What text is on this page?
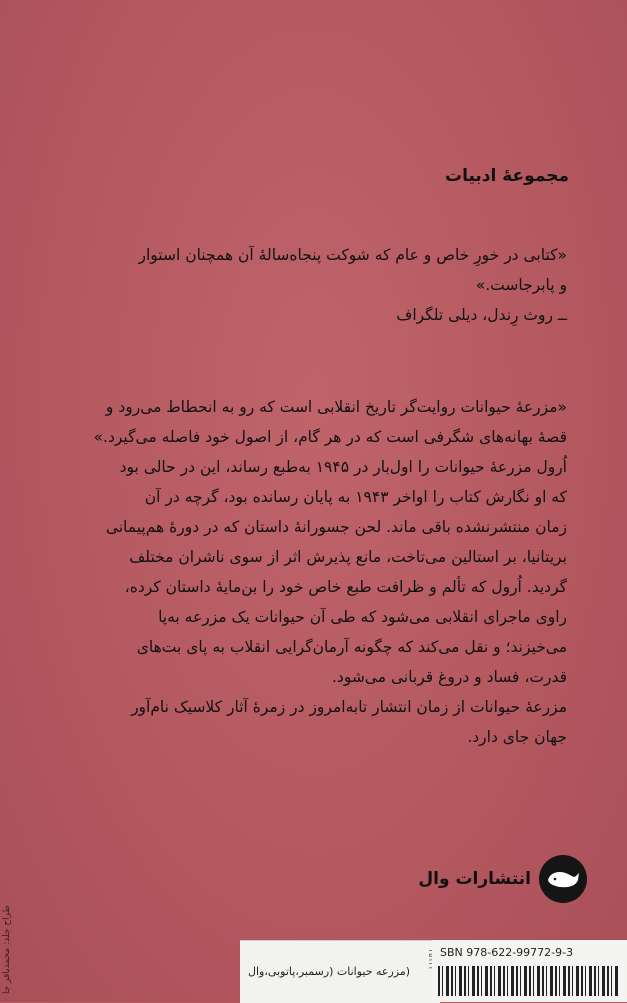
مجموعۀ ادبیات

«کتابی در خورِ خاص و عام که شوکت پنجاه‌سالۀ آن همچنان استوار

و پابرجاست.»

ــ روث رِندل، دیلی تلگراف

«مزرعۀ حیوانات روایت‌گر تاریخ انقلابی است که رو به انحطاط می‌رود و

قصۀ بهانه‌های شگرفی است که در هر گام، از اصول خود فاصله می‌گیرد.»

اُرول مزرعۀ حیوانات را اول‌بار در ۱۹۴۵ به‌طبع رساند، این در حالی بود

که او نگارش کتاب را اواخر ۱۹۴۳ به پایان رسانده بود، گرچه در آن

زمان منتشرنشده باقی ماند. لحن جسورانۀ داستان که در دورۀ هم‌پیمانی

بریتانیا، بر استالین می‌تاخت، مانع پذیرش اثر از سوی ناشران مختلف

گردید. اُرول که تألم و ظرافت طبع خاص خود را بن‌مایۀ داستان کرده،

راوی ماجرای انقلابی می‌شود که طی آن حیوانات یک مزرعه به‌پا

می‌خیزند؛ و نقل می‌کند که چگونه آرمان‌گرایی انقلاب به پای بت‌های

قدرت، فساد و دروغ قربانی می‌شود.

مزرعۀ حیوانات از زمان انتشار تابه‌امروز در زمرۀ آثار کلاسیک نام‌آور

جهان جای دارد.

انتشارات وال
طراح جلد: محمدباقر جا	(مزرعه حیوانات (رسمبر،پاتوبی،وال
SBN 978-622-99772-9-3
